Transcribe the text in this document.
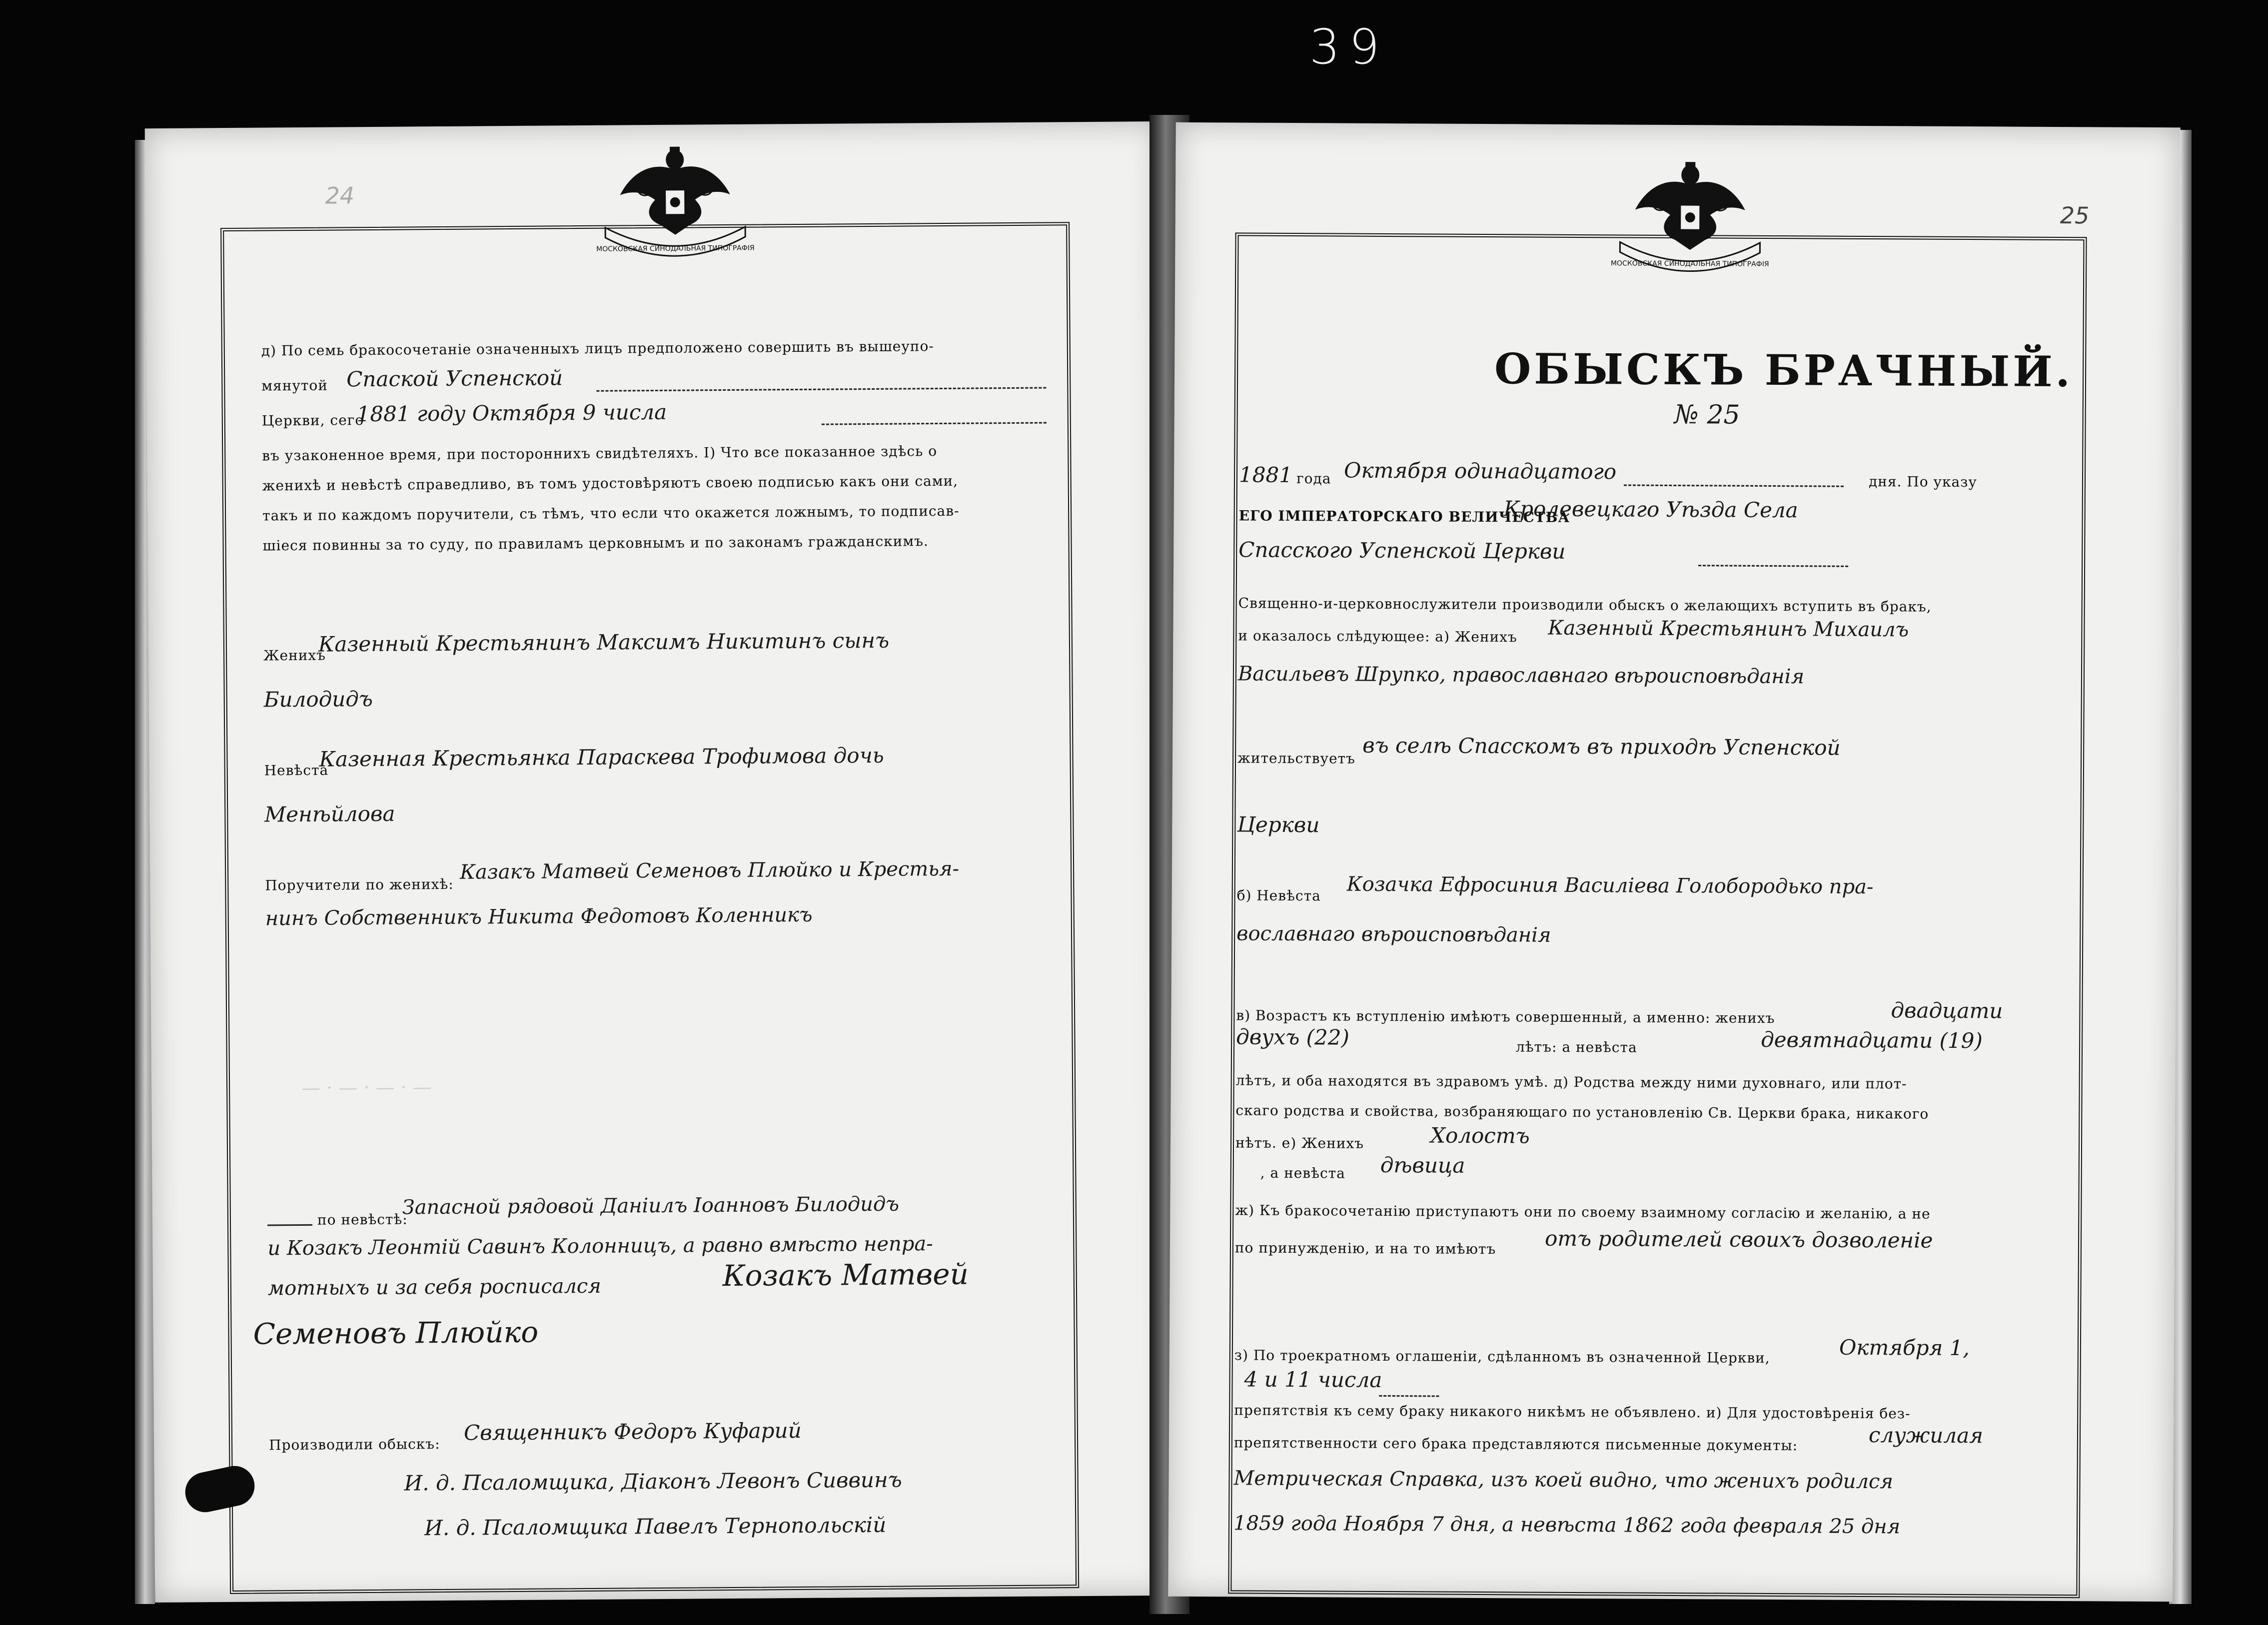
39
24
МОСКОВСКАЯ СИНОДАЛЬНАЯ ТИПОГРАФІЯ
д) По семь бракосочетаніе означенныхъ лицъ предположено совершить въ вышеупо-
мянутой Спаской Успенской
Церкви, сего
1881 году Октября 9 числа
въ узаконенное время, при постороннихъ свидѣтеляхъ. Ⅰ) Что все показанное здѣсь о
женихѣ и невѣстѣ справедливо, въ томъ удостовѣряютъ своею подписью какъ они сами,
такъ и по каждомъ поручители, съ тѣмъ, что если что окажется ложнымъ, то подписав-
шіеся повинны за то суду, по правиламъ церковнымъ и по законамъ гражданскимъ.
Женихъ
Казенный Крестьянинъ Максимъ Никитинъ сынъ
Билодидъ
Невѣста
Казенная Крестьянка Параскева Трофимова дочь
Менѣйлова
Поручители по женихѣ:
Казакъ Матвей Семеновъ Плюйко и Крестья-
нинъ Собственникъ Никита Федотовъ Коленникъ
— · — · — · —
по невѣстѣ:
Запасной рядовой Даніилъ Іоанновъ Билодидъ
и Козакъ Леонтій Савинъ Колонницъ, а равно вмѣсто непра-
мотныхъ и за себя росписался	Козакъ Матвей
Семеновъ Плюйко
Производили обыскъ: Священникъ Федоръ Куфарий
И. д. Псаломщика, Діаконъ Левонъ Сиввинъ
И. д. Псаломщика Павелъ Тернопольскій
25
МОСКОВСКАЯ СИНОДАЛЬНАЯ ТИПОГРАФІЯ
ОБЫСКЪ БРАЧНЫЙ.
№ 25
1881 года Октября одинадцатого	дня. По указу
ЕГО ІМПЕРАТОРСКАГО ВЕЛИЧЕСТВА
Кролевецкаго Уѣзда Села
Спасского Успенской Церкви
Священно-и-церковнослужители производили обыскъ о желающихъ вступить въ бракъ,
и оказалось слѣдующее: а) Женихъ Казенный Крестьянинъ Михаилъ
Васильевъ Шрупко, православнаго вѣроисповѣданія
жительствуетъ въ селѣ Спасскомъ въ приходѣ Успенской
Церкви
б) Невѣста Козачка Ефросиния Василіева Голобородько пра-
вославнаго вѣроисповѣданія
в) Возрастъ къ вступленію имѣютъ совершенный, а именно: женихъ	двадцати
двухъ (22)	лѣтъ: а невѣста	девятнадцати (19)
лѣтъ, и оба находятся въ здравомъ умѣ. д) Родства между ними духовнаго, или плот-
скаго родства и свойства, возбраняющаго по установленію Св. Церкви брака, никакого
нѣтъ. е) Женихъ	Холостъ
, а невѣста дѣвица
ж) Къ бракосочетанію приступаютъ они по своему взаимному согласію и желанію, а не
по принужденію, и на то имѣютъ отъ родителей своихъ дозволеніе
з) По троекратномъ оглашеніи, сдѣланномъ въ означенной Церкви,	Октября 1,
4 и 11 числа
препятствія къ сему браку никакого никѣмъ не объявлено. и) Для удостовѣренія без-
препятственности сего брака представляются письменные документы:	служилая
Метрическая Справка, изъ коей видно, что женихъ родился
1859 года Ноября 7 дня, а невѣста 1862 года февраля 25 дня
